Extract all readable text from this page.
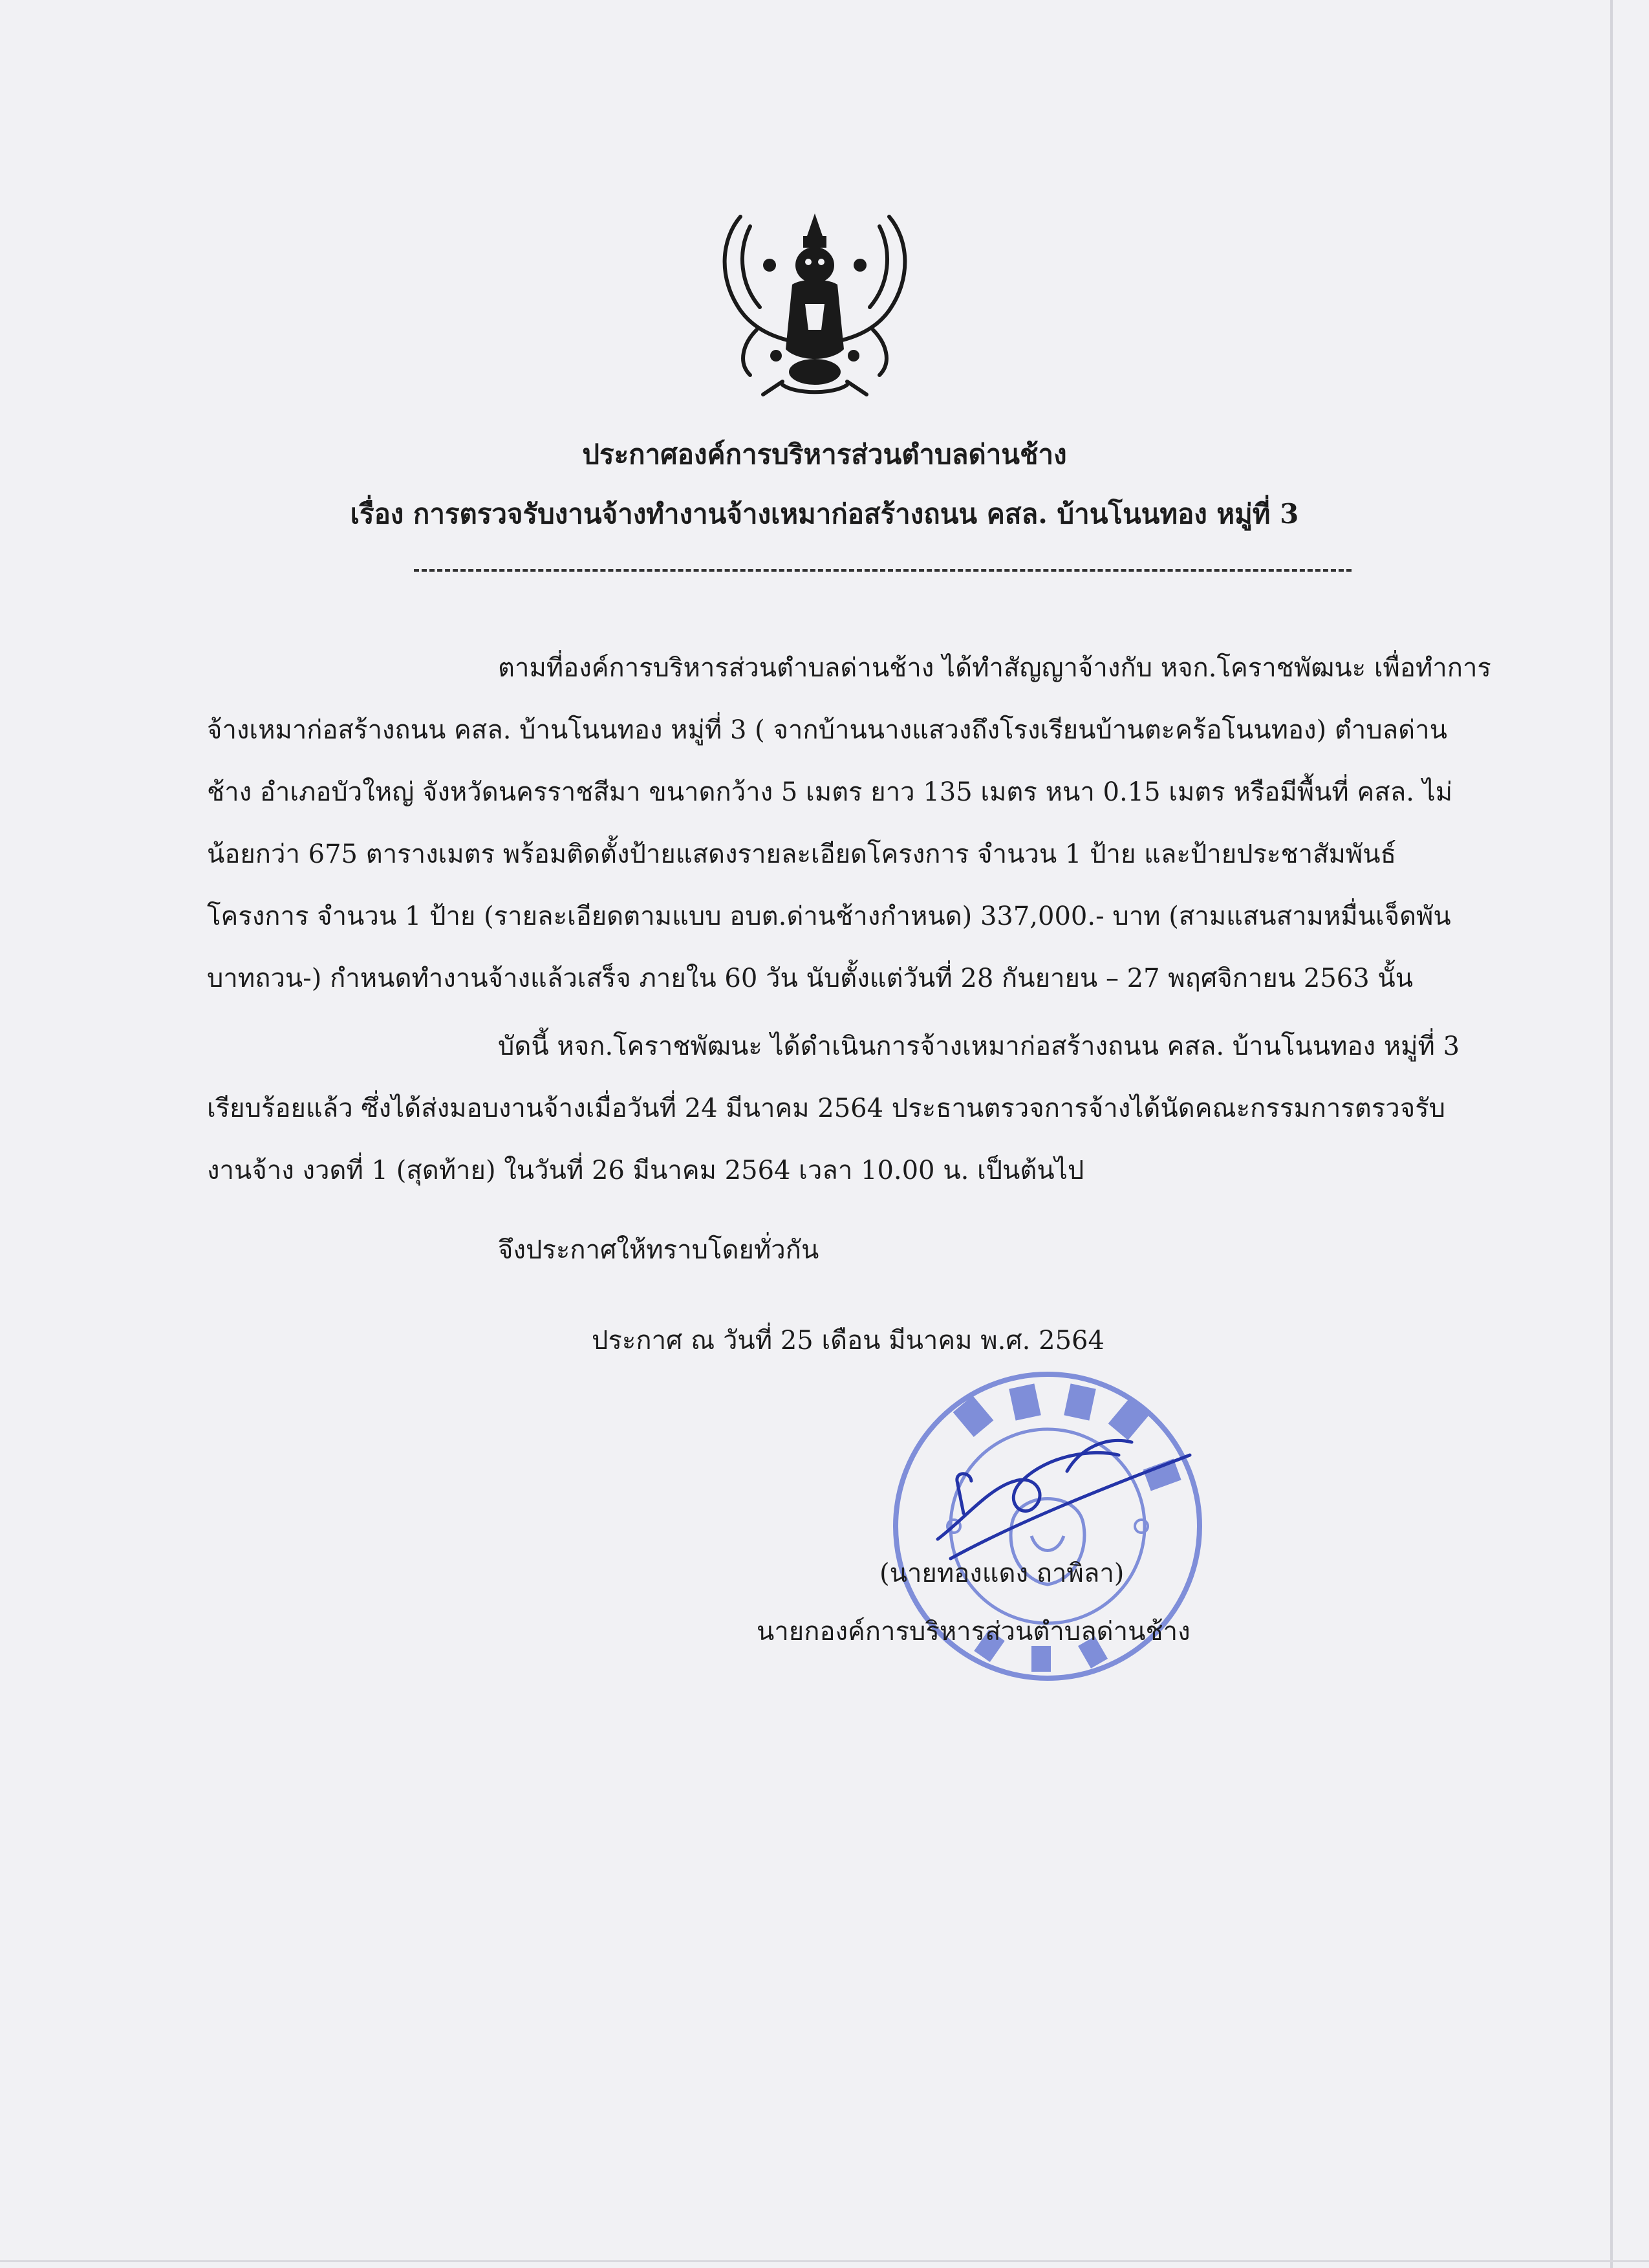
ประกาศองค์การบริหารส่วนตำบลด่านช้าง
เรื่อง การตรวจรับงานจ้างทำงานจ้างเหมาก่อสร้างถนน คสล. บ้านโนนทอง หมู่ที่ 3
ตามที่องค์การบริหารส่วนตำบลด่านช้าง ได้ทำสัญญาจ้างกับ หจก.โคราชพัฒนะ เพื่อทำการ
จ้างเหมาก่อสร้างถนน คสล. บ้านโนนทอง หมู่ที่ 3 ( จากบ้านนางแสวงถึงโรงเรียนบ้านตะคร้อโนนทอง) ตำบลด่าน
ช้าง อำเภอบัวใหญ่ จังหวัดนครราชสีมา ขนาดกว้าง 5 เมตร ยาว 135 เมตร หนา 0.15 เมตร หรือมีพื้นที่ คสล. ไม่
น้อยกว่า 675 ตารางเมตร พร้อมติดตั้งป้ายแสดงรายละเอียดโครงการ จำนวน 1 ป้าย และป้ายประชาสัมพันธ์
โครงการ จำนวน 1 ป้าย (รายละเอียดตามแบบ อบต.ด่านช้างกำหนด) 337,000.- บาท (สามแสนสามหมื่นเจ็ดพัน
บาทถวน-) กำหนดทำงานจ้างแล้วเสร็จ ภายใน 60 วัน นับตั้งแต่วันที่ 28 กันยายน – 27 พฤศจิกายน 2563 นั้น
บัดนี้ หจก.โคราชพัฒนะ ได้ดำเนินการจ้างเหมาก่อสร้างถนน คสล. บ้านโนนทอง หมู่ที่ 3
เรียบร้อยแล้ว ซึ่งได้ส่งมอบงานจ้างเมื่อวันที่ 24 มีนาคม 2564 ประธานตรวจการจ้างได้นัดคณะกรรมการตรวจรับ
งานจ้าง งวดที่ 1 (สุดท้าย) ในวันที่ 26 มีนาคม 2564 เวลา 10.00 น. เป็นต้นไป
จึงประกาศให้ทราบโดยทั่วกัน
ประกาศ ณ วันที่ 25 เดือน มีนาคม พ.ศ. 2564
(นายทองแดง ถาพิลา)
นายกองค์การบริหารส่วนตำบลด่านช้าง
